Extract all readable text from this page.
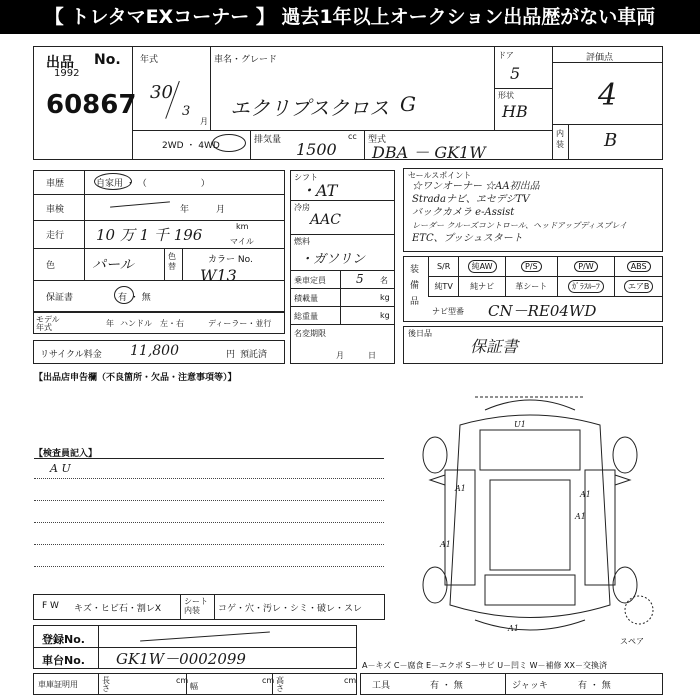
【 トレタマEXコーナー 】 過去1年以上オークション出品歴がない車両
出品 No.
1992
60867
年式
30
3
月
車名・グレード
エクリプスクロス G
ドア
5
形状
HB
評価点
4
内装 B
2WD ・ 4WD
排気量	cc
1500	型式
DBA － GK1W
車歴	自家用 ・ （　　　　　　）
車検	年　　　月
走行 10 万 1 千 196	km
マイル
色	パール
色替
カラー No.
W13
保証書	有 ・ 無
モデル年式	年 ハンドル　左・右	ディーラー・並行
リサイクル料金 11,800	円 預託済
シフト
・AT
冷房
AAC
燃料
・ガソリン
乗車定員	5 名
積載量	kg
総重量	kg
名変期限
月　　　日
セールスポイント
☆ワンオーナー ☆AA初出品
Stradaナビ、ヱセデジTV
バックカメラ e-Assist
レーダー クルーズコントロール、ヘッドアップディスプレイ
ETC、プッシュスタート
装備品
S/R	純AW	P/S	P/W	ABS
純TV	純ナビ	革シート	ｶﾞﾗｽﾙｰﾌ	エアB
ナビ型番 CN－RE04WD
後日品
保証書
【出品店申告欄（不良箇所・欠品・注意事項等）】
【検査員記入】
A U
F W キズ・ヒビ石・割レX
シート内装	コゲ・穴・汚レ・シミ・破レ・スレ
登録No.
車台No. GK1W－0002099
車庫証明用	長さ
cm
幅
cm 高さ
cm
工具	有 ・ 無	ジャッキ	有 ・ 無
A－キズ C－腐食 E－エクボ S－サビ U－凹ミ W－補修 XX－交換済
U1
A1
A1
A1
A1
A1
スペア
